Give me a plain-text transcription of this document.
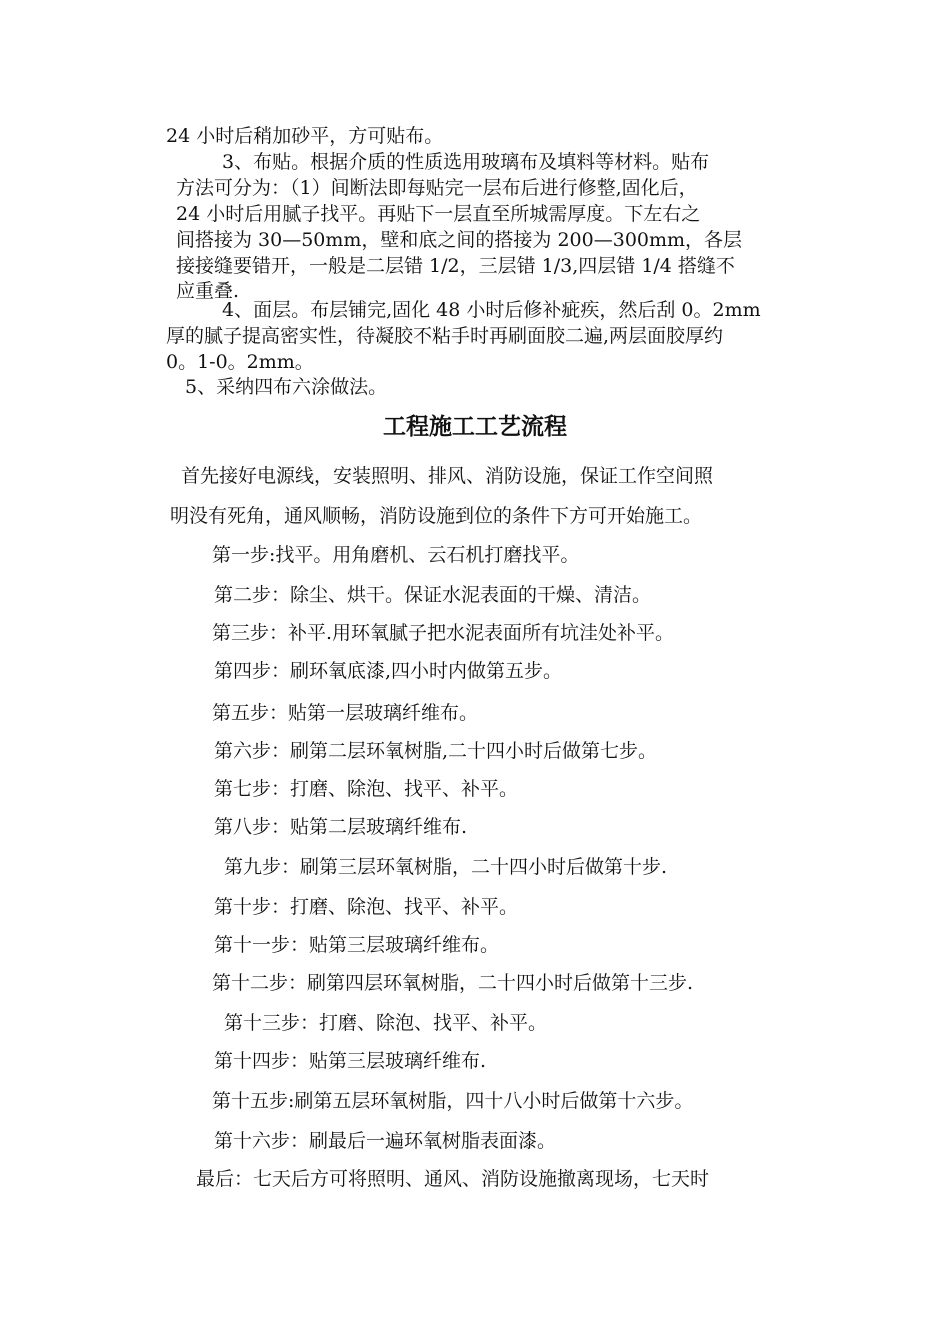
24 小时后稍加砂平，方可贴布。
3、布贴。根据介质的性质选用玻璃布及填料等材料。贴布
方法可分为：（1）间断法即每贴完一层布后进行修整,固化后，
24 小时后用腻子找平。再贴下一层直至所城需厚度。下左右之
间搭接为 30—50mm，壁和底之间的搭接为 200—300mm，各层
接接缝要错开，一般是二层错 1/2，三层错 1/3,四层错 1/4 搭缝不
应重叠.
4、面层。布层铺完,固化 48 小时后修补疵疾，然后刮 0。2mm
厚的腻子提高密实性，待凝胶不粘手时再刷面胶二遍,两层面胶厚约
0。1-0。2mm。
5、采纳四布六涂做法。
工程施工工艺流程
首先接好电源线，安装照明、排风、消防设施，保证工作空间照
明没有死角，通风顺畅，消防设施到位的条件下方可开始施工。
第一步:找平。用角磨机、云石机打磨找平。
第二步：除尘、烘干。保证水泥表面的干燥、清洁。
第三步：补平.用环氧腻子把水泥表面所有坑洼处补平。
第四步：刷环氧底漆,四小时内做第五步。
第五步：贴第一层玻璃纤维布。
第六步：刷第二层环氧树脂,二十四小时后做第七步。
第七步：打磨、除泡、找平、补平。
第八步：贴第二层玻璃纤维布.
第九步：刷第三层环氧树脂，二十四小时后做第十步.
第十步：打磨、除泡、找平、补平。
第十一步：贴第三层玻璃纤维布。
第十二步：刷第四层环氧树脂，二十四小时后做第十三步.
第十三步：打磨、除泡、找平、补平。
第十四步：贴第三层玻璃纤维布.
第十五步:刷第五层环氧树脂，四十八小时后做第十六步。
第十六步：刷最后一遍环氧树脂表面漆。
最后：七天后方可将照明、通风、消防设施撤离现场，七天时
